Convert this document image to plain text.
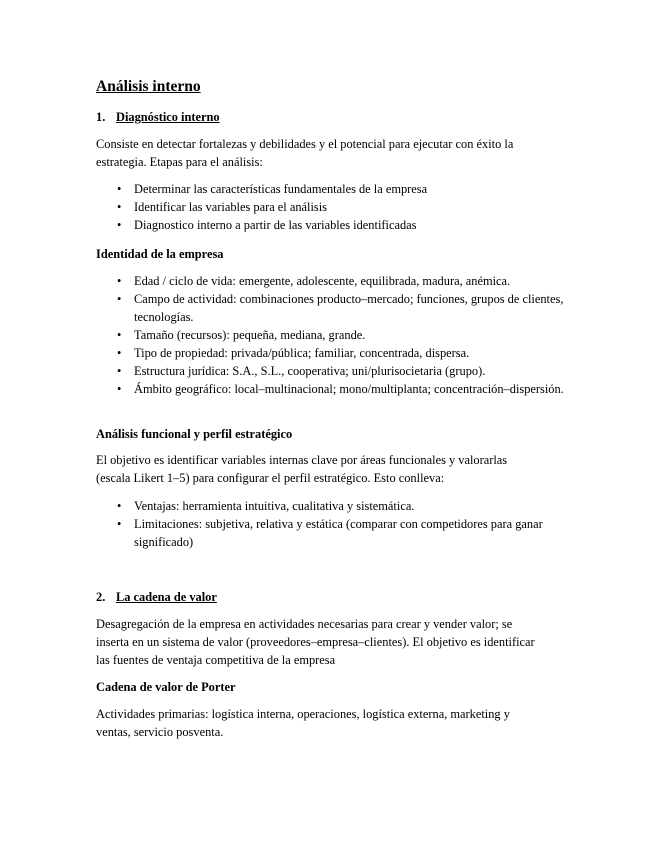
Análisis interno
1. Diagnóstico interno

Consiste en detectar fortalezas y debilidades y el potencial para ejecutar con éxito la estrategia. Etapas para el análisis:

• Determinar las características fundamentales de la empresa
• Identificar las variables para el análisis
• Diagnostico interno a partir de las variables identificadas
Identidad de la empresa
• Edad / ciclo de vida: emergente, adolescente, equilibrada, madura, anémica.
• Campo de actividad: combinaciones producto–mercado; funciones, grupos de clientes, tecnologías.
• Tamaño (recursos): pequeña, mediana, grande.
• Tipo de propiedad: privada/pública; familiar, concentrada, dispersa.
• Estructura jurídica: S.A., S.L., cooperativa; uni/plurisocietaria (grupo).
• Ámbito geográfico: local–multinacional; mono/multiplanta; concentración–dispersión.
Análisis funcional y perfil estratégico

El objetivo es identificar variables internas clave por áreas funcionales y valorarlas (escala Likert 1–5) para configurar el perfil estratégico. Esto conlleva:

• Ventajas: herramienta intuitiva, cualitativa y sistemática.
• Limitaciones: subjetiva, relativa y estática (comparar con competidores para ganar significado)
2. La cadena de valor

Desagregación de la empresa en actividades necesarias para crear y vender valor; se inserta en un sistema de valor (proveedores–empresa–clientes). El objetivo es identificar las fuentes de ventaja competitiva de la empresa

Cadena de valor de Porter

Actividades primarias: logística interna, operaciones, logística externa, marketing y ventas, servicio posventa.
